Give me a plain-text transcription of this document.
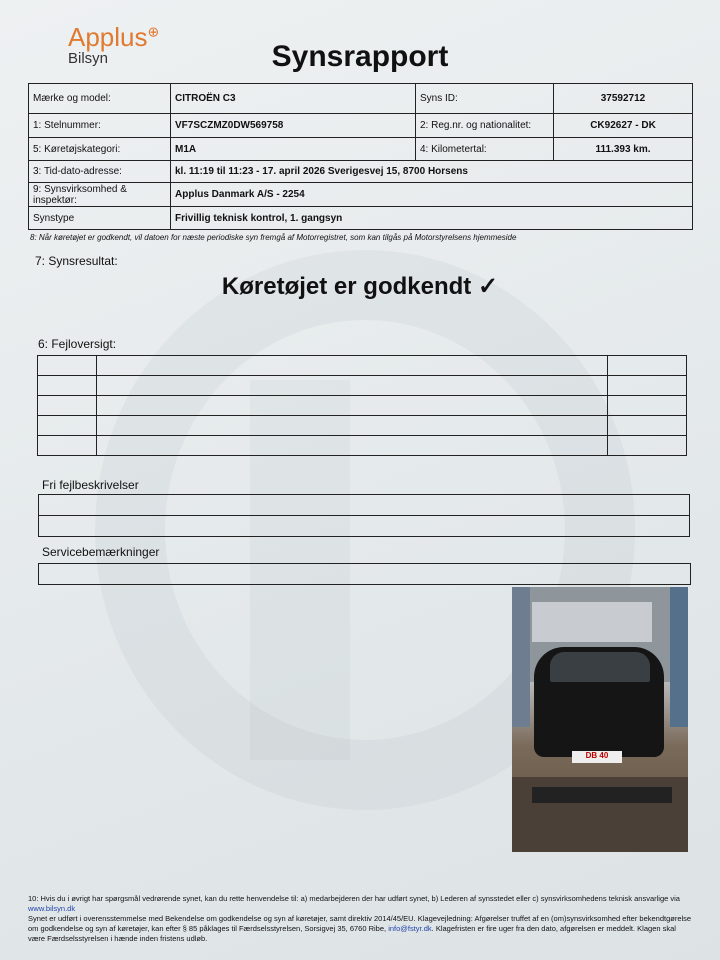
Applus⊕
Bilsyn	Synsrapport
Mærke og model:	CITROËN C3	Syns ID:	37592712
1: Stelnummer:	VF7SCZMZ0DW569758	2: Reg.nr. og nationalitet:	CK92627 - DK
5: Køretøjskategori:	M1A	4: Kilometertal:	111.393 km.
3: Tid-dato-adresse:	kl. 11:19 til 11:23 - 17. april 2026 Sverigesvej 15, 8700 Horsens		
9: Synsvirksomhed & inspektør:	Applus Danmark A/S - 2254		
Synstype	Frivillig teknisk kontrol, 1. gangsyn		
8: Når køretøjet er godkendt, vil datoen for næste periodiske syn fremgå af Motorregistret, som kan tilgås på Motorstyrelsens hjemmeside
7: Synsresultat:
Køretøjet er godkendt ✓
6: Fejloversigt:

Fri fejlbeskrivelser

Servicebemærkninger
DB 40
10: Hvis du i øvrigt har spørgsmål vedrørende synet, kan du rette henvendelse til: a) medarbejderen der har udført synet, b) Lederen af synsstedet eller c) synsvirksomhedens teknisk ansvarlige via www.bilsyn.dk
Synet er udført i overensstemmelse med Bekendelse om godkendelse og syn af køretøjer, samt direktiv 2014/45/EU. Klagevejledning: Afgørelser truffet af en (om)synsvirksomhed efter bekendtgørelse om godkendelse og syn af køretøjer, kan efter § 85 påklages til Færdselsstyrelsen, Sorsigvej 35, 6760 Ribe, info@fstyr.dk. Klagefristen er fire uger fra den dato, afgørelsen er meddelt. Klagen skal være Færdselsstyrelsen i hænde inden fristens udløb.
